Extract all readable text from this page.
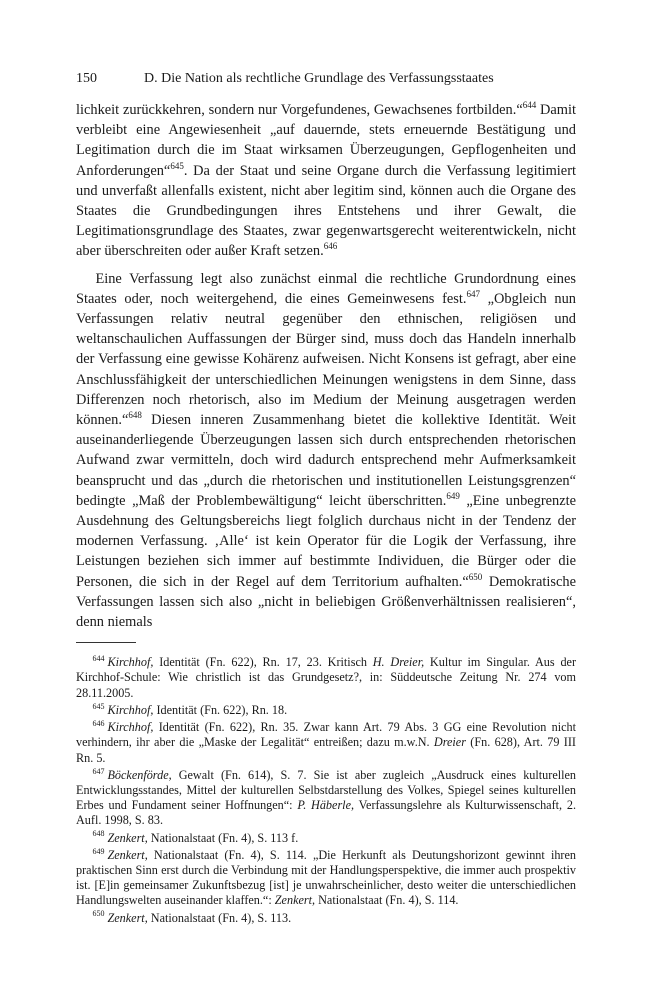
150	D. Die Nation als rechtliche Grundlage des Verfassungsstaates

lichkeit zurückkehren, sondern nur Vorgefundenes, Gewachsenes fortbilden.“$^{644}$ Damit verbleibt eine Angewiesenheit „auf dauernde, stets erneuernde Bestätigung und Legitimation durch die im Staat wirksamen Überzeugungen, Gepflogenheiten und Anforderungen“$^{645}$. Da der Staat und seine Organe durch die Verfassung legitimiert und unverfaßt allenfalls existent, nicht aber legitim sind, können auch die Organe des Staates die Grundbedingungen ihres Entstehens und ihrer Gewalt, die Legitimationsgrundlage des Staates, zwar gegenwartsgerecht weiterentwickeln, nicht aber überschreiten oder außer Kraft setzen.$^{646}$

Eine Verfassung legt also zunächst einmal die rechtliche Grundordnung eines Staates oder, noch weitergehend, die eines Gemeinwesens fest.$^{647}$ „Obgleich nun Verfassungen relativ neutral gegenüber den ethnischen, religiösen und weltanschaulichen Auffassungen der Bürger sind, muss doch das Handeln innerhalb der Verfassung eine gewisse Kohärenz aufweisen. Nicht Konsens ist gefragt, aber eine Anschlussfähigkeit der unterschiedlichen Meinungen wenigstens in dem Sinne, dass Differenzen noch rhetorisch, also im Medium der Meinung ausgetragen werden können.“$^{648}$ Diesen inneren Zusammenhang bietet die kollektive Identität. Weit auseinanderliegende Überzeugungen lassen sich durch entsprechenden rhetorischen Aufwand zwar vermitteln, doch wird dadurch entsprechend mehr Aufmerksamkeit beansprucht und das „durch die rhetorischen und institutionellen Leistungsgrenzen“ bedingte „Maß der Problembewältigung“ leicht überschritten.$^{649}$ „Eine unbegrenzte Ausdehnung des Geltungsbereichs liegt folglich durchaus nicht in der Tendenz der modernen Verfassung. ‚Alle‘ ist kein Operator für die Logik der Verfassung, ihre Leistungen beziehen sich immer auf bestimmte Individuen, die Bürger oder die Personen, die sich in der Regel auf dem Territorium aufhalten.“$^{650}$ Demokratische Verfassungen lassen sich also „nicht in beliebigen Größenverhältnissen realisieren“, denn niemals

$^{644}$ Kirchhof, Identität (Fn. 622), Rn. 17, 23. Kritisch H. Dreier, Kultur im Singular. Aus der Kirchhof-Schule: Wie christlich ist das Grundgesetz?, in: Süddeutsche Zeitung Nr. 274 vom 28.11.2005.

$^{645}$ Kirchhof, Identität (Fn. 622), Rn. 18.

$^{646}$ Kirchhof, Identität (Fn. 622), Rn. 35. Zwar kann Art. 79 Abs. 3 GG eine Revolution nicht verhindern, ihr aber die „Maske der Legalität“ entreißen; dazu m.w.N. Dreier (Fn. 628), Art. 79 III Rn. 5.

$^{647}$ Böckenförde, Gewalt (Fn. 614), S. 7. Sie ist aber zugleich „Ausdruck eines kulturellen Entwicklungsstandes, Mittel der kulturellen Selbstdarstellung des Volkes, Spiegel seines kulturellen Erbes und Fundament seiner Hoffnungen“: P. Häberle, Verfassungslehre als Kulturwissenschaft, 2. Aufl. 1998, S. 83.

$^{648}$ Zenkert, Nationalstaat (Fn. 4), S. 113 f.

$^{649}$ Zenkert, Nationalstaat (Fn. 4), S. 114. „Die Herkunft als Deutungshorizont gewinnt ihren praktischen Sinn erst durch die Verbindung mit der Handlungsperspektive, die immer auch prospektiv ist. [E]in gemeinsamer Zukunftsbezug [ist] je unwahrscheinlicher, desto weiter die unterschiedlichen Handlungswelten auseinander klaffen.“: Zenkert, Nationalstaat (Fn. 4), S. 114.

$^{650}$ Zenkert, Nationalstaat (Fn. 4), S. 113.
